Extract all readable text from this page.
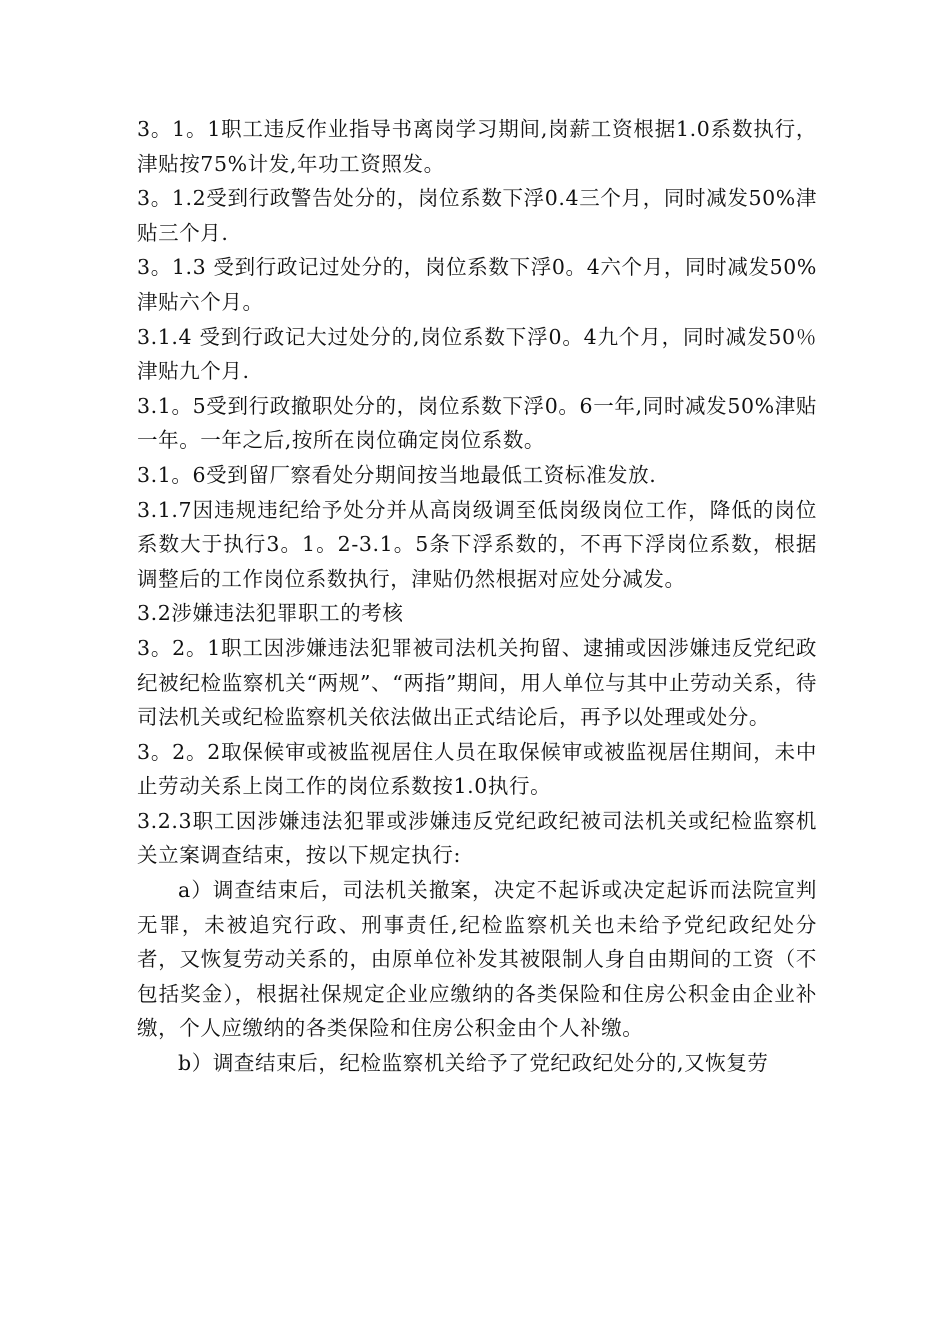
3。1。1职工违反作业指导书离岗学习期间,岗薪工资根据1.0系数执行，津贴按75%计发,年功工资照发。

3。1.2受到行政警告处分的，岗位系数下浮0.4三个月，同时减发50%津贴三个月.

3。1.3 受到行政记过处分的，岗位系数下浮0。4六个月，同时减发50%津贴六个月。

3.1.4 受到行政记大过处分的,岗位系数下浮0。4九个月，同时减发50％津贴九个月.

3.1。5受到行政撤职处分的，岗位系数下浮0。6一年,同时减发50%津贴一年。一年之后,按所在岗位确定岗位系数。

3.1。6受到留厂察看处分期间按当地最低工资标准发放.

3.1.7因违规违纪给予处分并从高岗级调至低岗级岗位工作，降低的岗位系数大于执行3。1。2-3.1。5条下浮系数的，不再下浮岗位系数，根据调整后的工作岗位系数执行，津贴仍然根据对应处分减发。

3.2涉嫌违法犯罪职工的考核

3。2。1职工因涉嫌违法犯罪被司法机关拘留、逮捕或因涉嫌违反党纪政纪被纪检监察机关“两规”、“两指”期间，用人单位与其中止劳动关系，待司法机关或纪检监察机关依法做出正式结论后，再予以处理或处分。

3。2。2取保候审或被监视居住人员在取保候审或被监视居住期间，未中止劳动关系上岗工作的岗位系数按1.0执行。

3.2.3职工因涉嫌违法犯罪或涉嫌违反党纪政纪被司法机关或纪检监察机关立案调查结束，按以下规定执行:

a）调查结束后，司法机关撤案，决定不起诉或决定起诉而法院宣判无罪，未被追究行政、刑事责任,纪检监察机关也未给予党纪政纪处分者，又恢复劳动关系的，由原单位补发其被限制人身自由期间的工资（不包括奖金），根据社保规定企业应缴纳的各类保险和住房公积金由企业补缴，个人应缴纳的各类保险和住房公积金由个人补缴。

b）调查结束后，纪检监察机关给予了党纪政纪处分的,又恢复劳
